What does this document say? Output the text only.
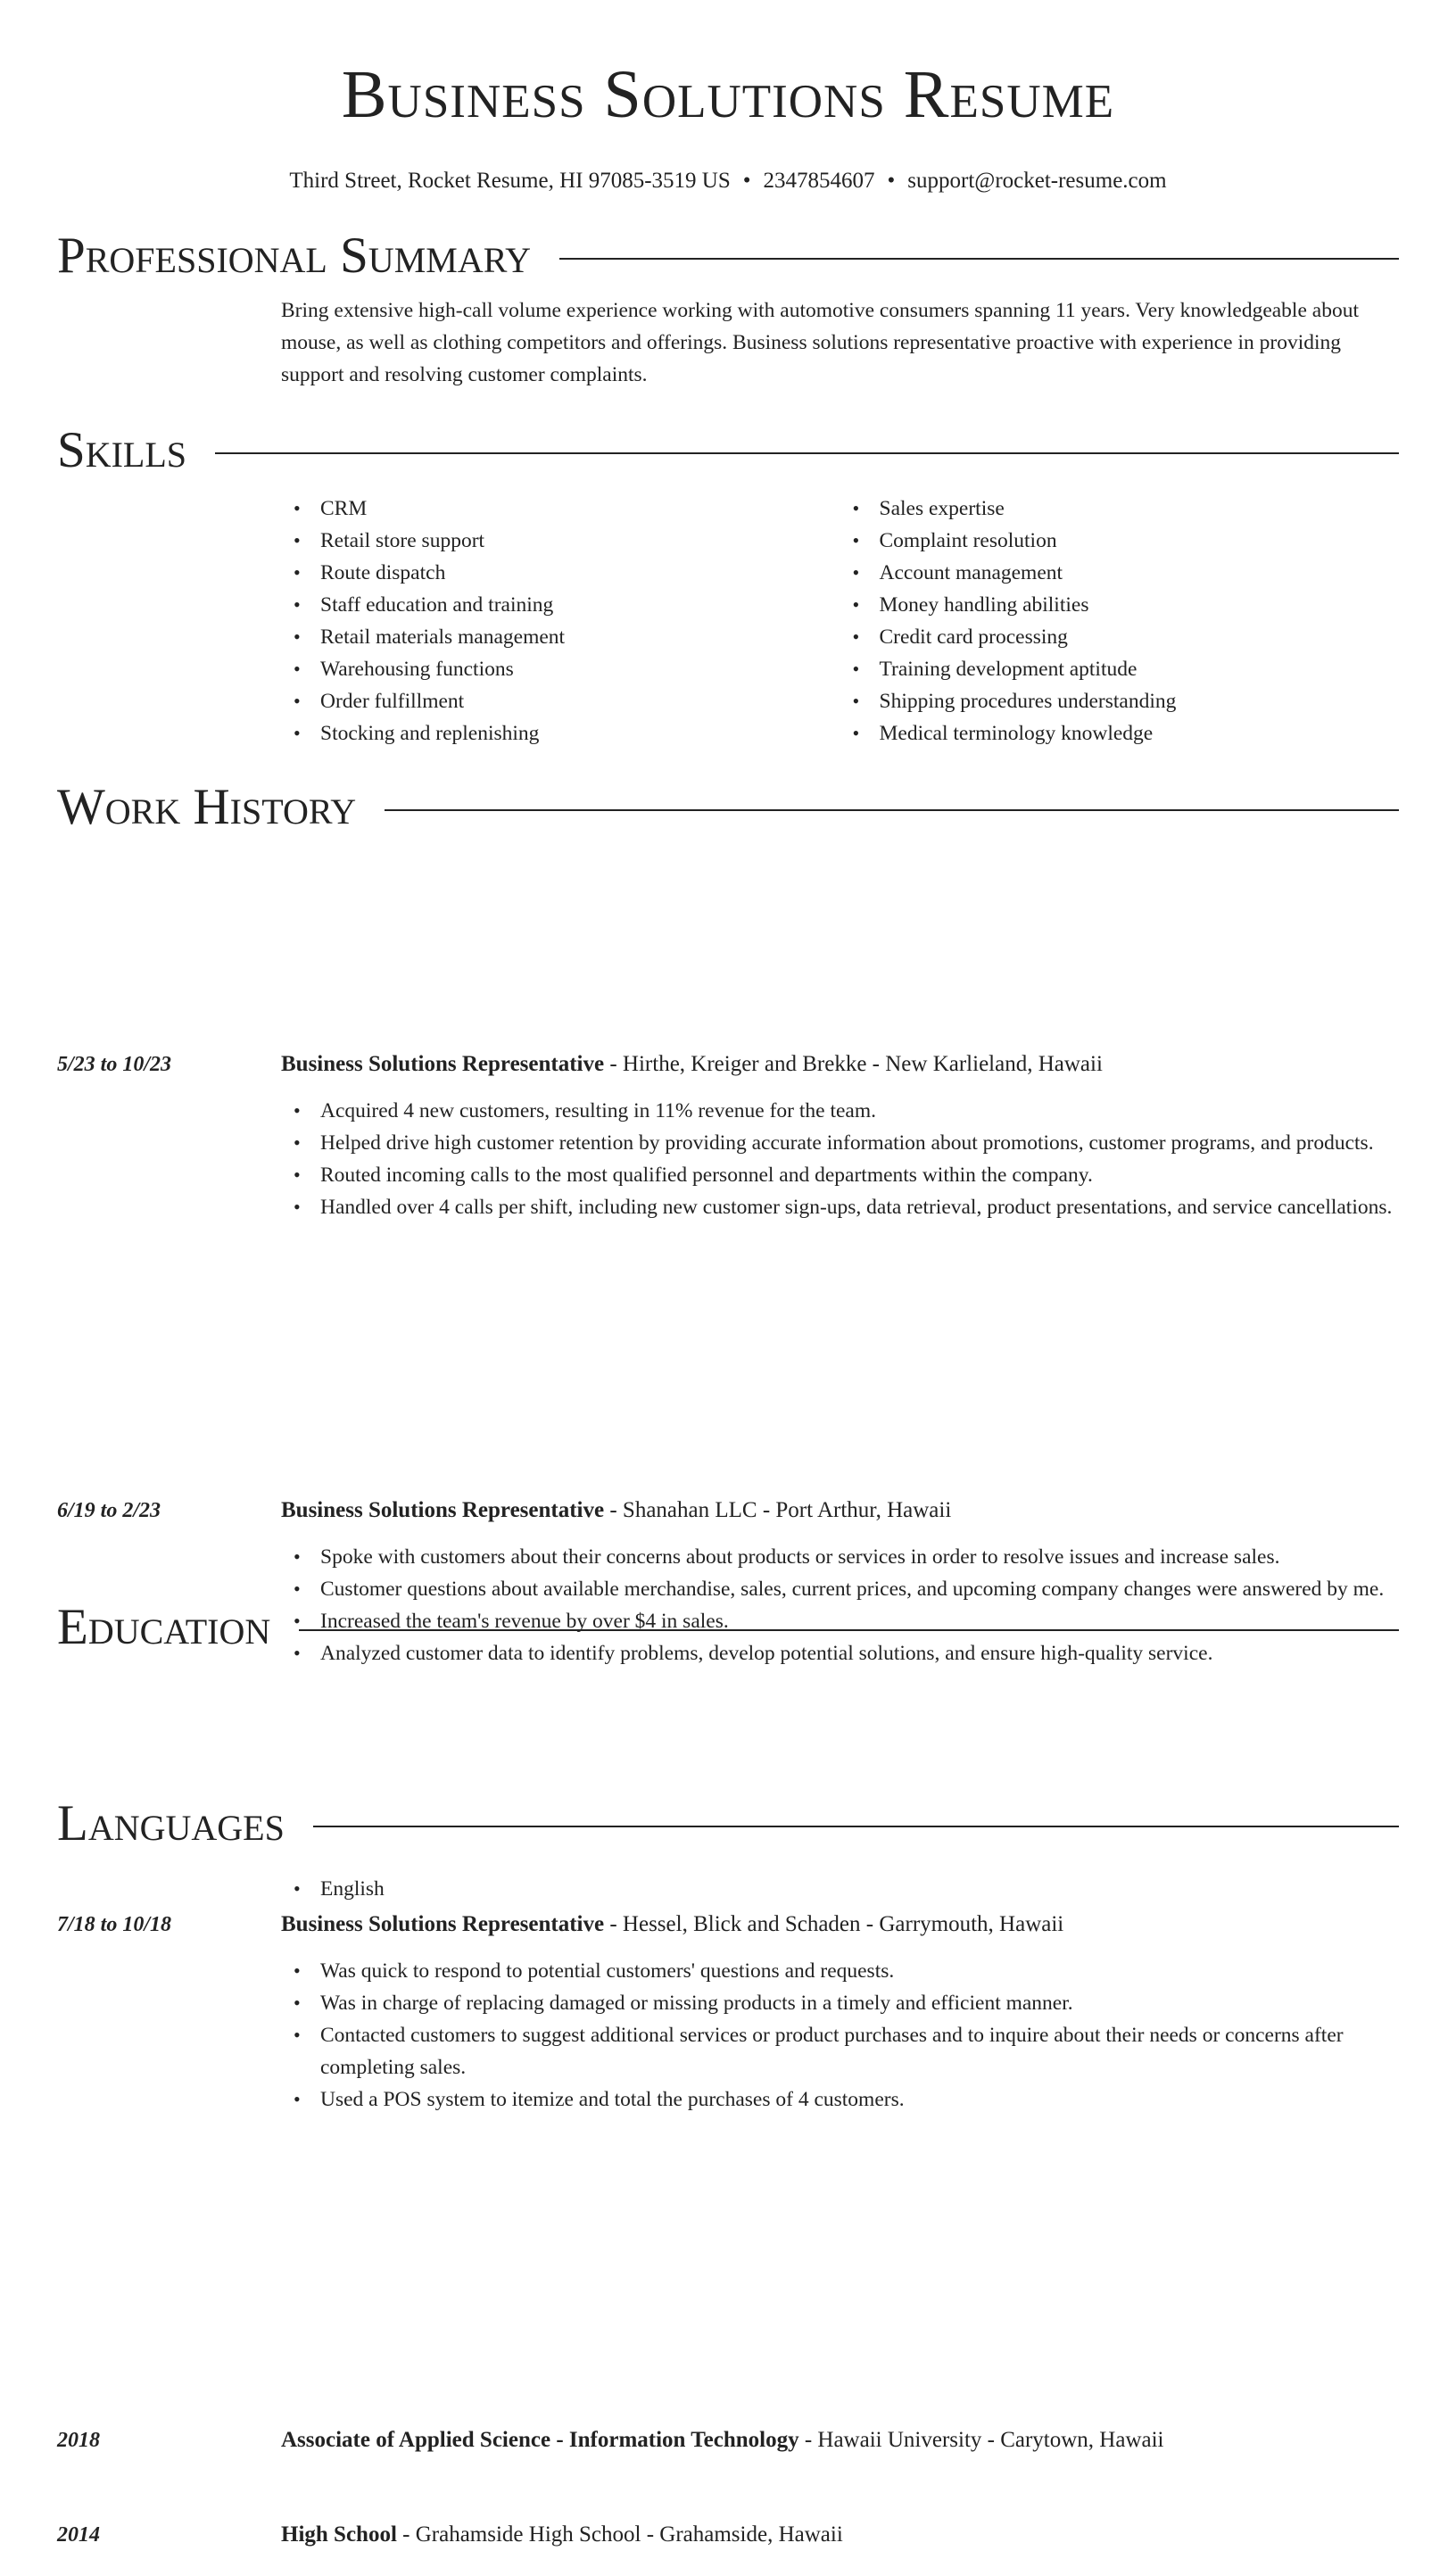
Business Solutions Resume
Third Street, Rocket Resume, HI 97085-3519 US • 2347854607 • support@rocket-resume.com
Professional Summary
Bring extensive high-call volume experience working with automotive consumers spanning 11 years. Very knowledgeable about mouse, as well as clothing competitors and offerings. Business solutions representative proactive with experience in providing support and resolving customer complaints.
Skills
• CRM
• Retail store support
• Route dispatch
• Staff education and training
• Retail materials management
• Warehousing functions
• Order fulfillment
• Stocking and replenishing
• Sales expertise
• Complaint resolution
• Account management
• Money handling abilities
• Credit card processing
• Training development aptitude
• Shipping procedures understanding
• Medical terminology knowledge
Work History
5/23 to 10/23	Business Solutions Representative - Hirthe, Kreiger and Brekke - New Karlieland, Hawaii
• Acquired 4 new customers, resulting in 11% revenue for the team.
• Helped drive high customer retention by providing accurate information about promotions, customer programs, and products.
• Routed incoming calls to the most qualified personnel and departments within the company.
• Handled over 4 calls per shift, including new customer sign-ups, data retrieval, product presentations, and service cancellations.
6/19 to 2/23	Business Solutions Representative - Shanahan LLC - Port Arthur, Hawaii
• Spoke with customers about their concerns about products or services in order to resolve issues and increase sales.
• Customer questions about available merchandise, sales, current prices, and upcoming company changes were answered by me.
• Increased the team's revenue by over $4 in sales.
• Analyzed customer data to identify problems, develop potential solutions, and ensure high-quality service.
7/18 to 10/18	Business Solutions Representative - Hessel, Blick and Schaden - Garrymouth, Hawaii
• Was quick to respond to potential customers' questions and requests.
• Was in charge of replacing damaged or missing products in a timely and efficient manner.
• Contacted customers to suggest additional services or product purchases and to inquire about their needs or concerns after completing sales.
• Used a POS system to itemize and total the purchases of 4 customers.
Education
2018	Associate of Applied Science - Information Technology - Hawaii University - Carytown, Hawaii
2014	High School - Grahamside High School - Grahamside, Hawaii
Languages
• English
